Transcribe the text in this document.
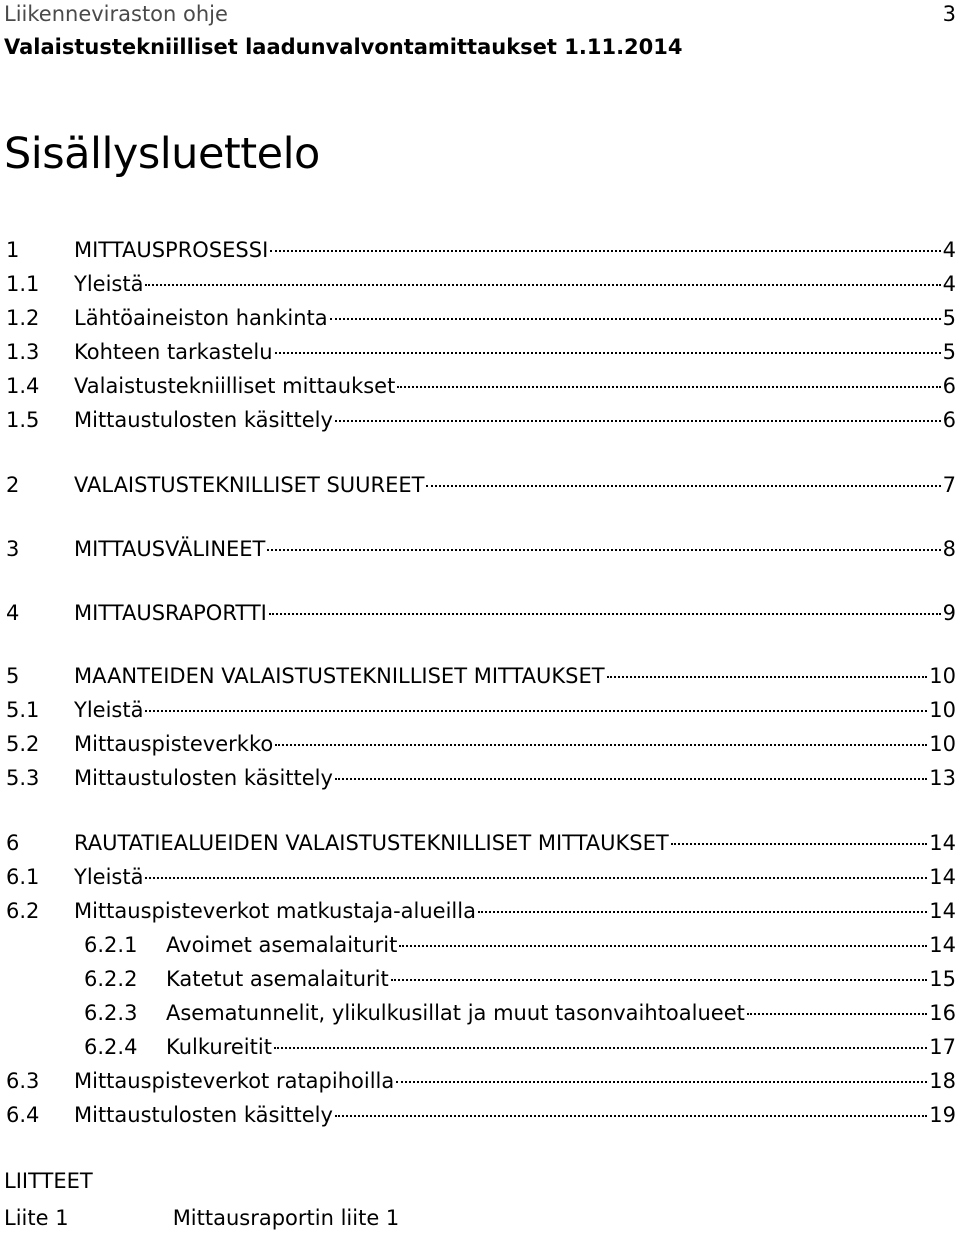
Liikenneviraston ohje
Valaistustekniilliset laadunvalvontamittaukset 1.11.2014
3
Sisällysluettelo
1	MITTAUSPROSESSI	4
1.1	Yleistä	4
1.2	Lähtöaineiston hankinta	5
1.3	Kohteen tarkastelu	5
1.4	Valaistustekniilliset mittaukset	6
1.5	Mittaustulosten käsittely	6
2	VALAISTUSTEKNILLISET SUUREET	7
3	MITTAUSVÄLINEET	8
4	MITTAUSRAPORTTI	9
5	MAANTEIDEN VALAISTUSTEKNILLISET MITTAUKSET	10
5.1	Yleistä	10
5.2	Mittauspisteverkko	10
5.3	Mittaustulosten käsittely	13
6	RAUTATIEALUEIDEN VALAISTUSTEKNILLISET MITTAUKSET	14
6.1	Yleistä	14
6.2	Mittauspisteverkot matkustaja-alueilla	14
6.2.1	Avoimet asemalaiturit	14
6.2.2	Katetut asemalaiturit	15
6.2.3	Asematunnelit, ylikulkusillat ja muut tasonvaihtoalueet	16
6.2.4	Kulkureitit	17
6.3	Mittauspisteverkot ratapihoilla	18
6.4	Mittaustulosten käsittely	19
LIITTEET
Liite 1	Mittausraportin liite 1
